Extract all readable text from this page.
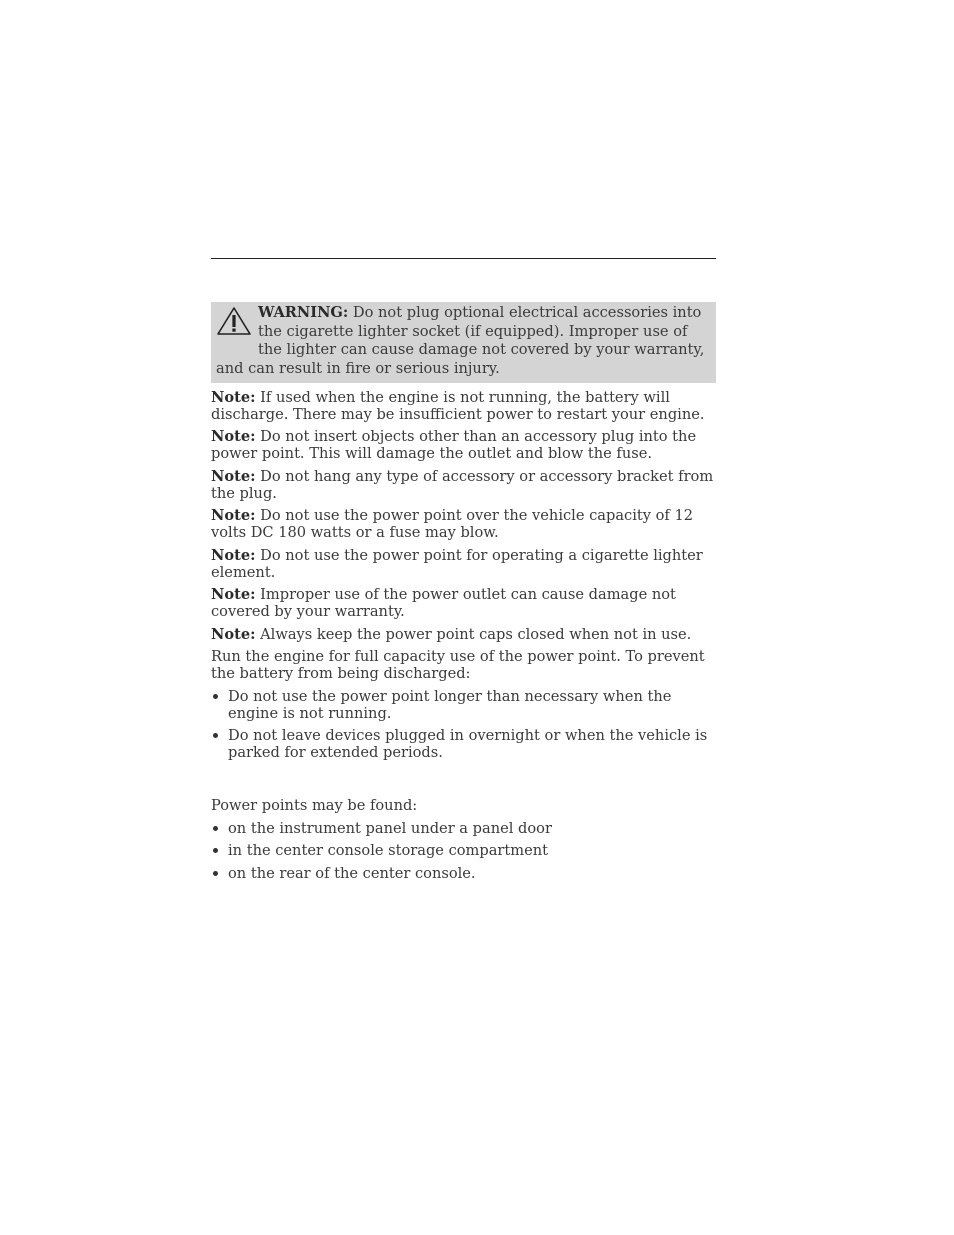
WARNING: Do not plug optional electrical accessories into the cigarette lighter socket (if equipped). Improper use of the lighter can cause damage not covered by your warranty, and can result in fire or serious injury.

Note: If used when the engine is not running, the battery will discharge. There may be insufficient power to restart your engine.

Note: Do not insert objects other than an accessory plug into the power point. This will damage the outlet and blow the fuse.

Note: Do not hang any type of accessory or accessory bracket from the plug.

Note: Do not use the power point over the vehicle capacity of 12 volts DC 180 watts or a fuse may blow.

Note: Do not use the power point for operating a cigarette lighter element.

Note: Improper use of the power outlet can cause damage not covered by your warranty.

Note: Always keep the power point caps closed when not in use.

Run the engine for full capacity use of the power point. To prevent the battery from being discharged:

Do not use the power point longer than necessary when the engine is not running.
Do not leave devices plugged in overnight or when the vehicle is parked for extended periods.

Power points may be found:

on the instrument panel under a panel door
in the center console storage compartment
on the rear of the center console.
